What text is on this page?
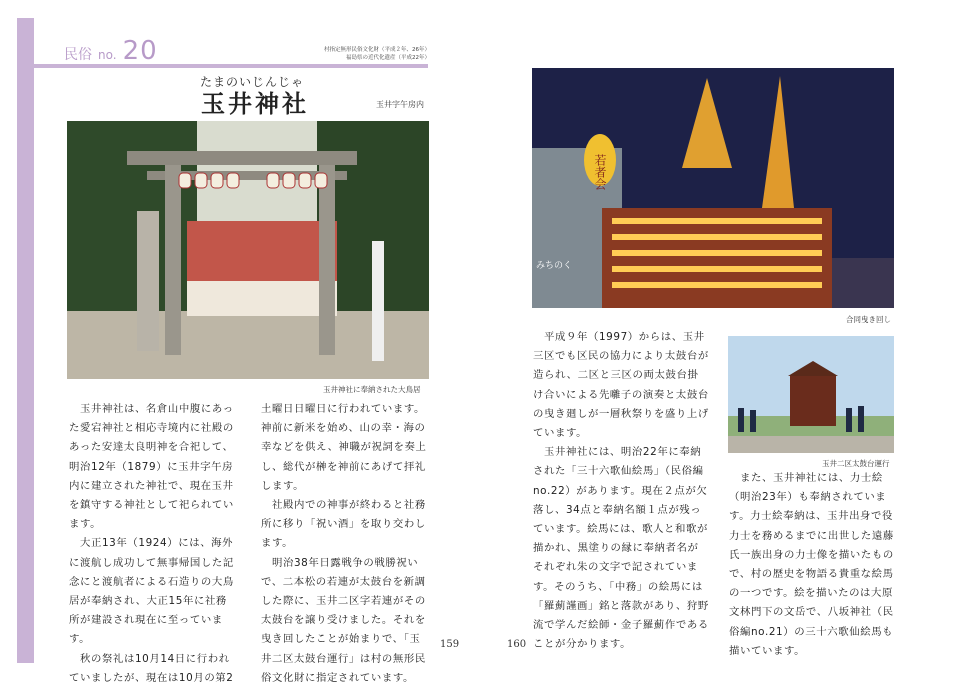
民俗 no. 20	村指定無形民俗文化財（平成２年、26年）
福島県の近代化遺産（平成22年）
たまのいじんじゃ
玉井神社	玉井字午房内
玉井神社に奉納された大鳥居
若者会
みちのく
合同曳き回し
玉井二区太鼓台運行

　玉井神社は、名倉山中腹にあった愛宕神社と相応寺境内に社殿のあった安達太良明神を合祀して、明治12年（1879）に玉井字午房内に建立された神社で、現在玉井を鎮守する神社として祀られています。

　大正13年（1924）には、海外に渡航し成功して無事帰国した記念にと渡航者による石造りの大鳥居が奉納され、大正15年に社務所が建設され現在に至っています。

　秋の祭礼は10月14日に行われていましたが、現在は10月の第2

土曜日日曜日に行われています。神前に新米を始め、山の幸・海の幸などを供え、神職が祝詞を奏上し、総代が榊を神前にあげて拝礼します。

　社殿内での神事が終わると社務所に移り「祝い酒」を取り交わします。

　明治38年日露戦争の戦勝祝いで、二本松の若連が太鼓台を新調した際に、玉井二区字若連がその太鼓台を譲り受けました。それを曳き回したことが始まりで、「玉井二区太鼓台運行」は村の無形民俗文化財に指定されています。

　平成９年（1997）からは、玉井三区でも区民の協力により太鼓台が造られ、二区と三区の両太鼓台掛け合いによる先囃子の演奏と太鼓台の曳き廻しが一層秋祭りを盛り上げています。

　玉井神社には、明治22年に奉納された「三十六歌仙絵馬」（民俗編no.22）があります。現在２点が欠落し、34点と奉納名額１点が残っています。絵馬には、歌人と和歌が描かれ、黒塗りの縁に奉納者名がそれぞれ朱の文字で記されています。そのうち、「中務」の絵馬には「羅薊謹画」銘と落款があり、狩野流で学んだ絵師・金子羅薊作であることが分かります。

　また、玉井神社には、力士絵（明治23年）も奉納されています。力士絵奉納は、玉井出身で役力士を務めるまでに出世した遠藤氏一族出身の力士像を描いたもので、村の歴史を物語る貴重な絵馬の一つです。絵を描いたのは大原文林門下の文岳で、八坂神社（民俗編no.21）の三十六歌仙絵馬も描いています。

159	160
